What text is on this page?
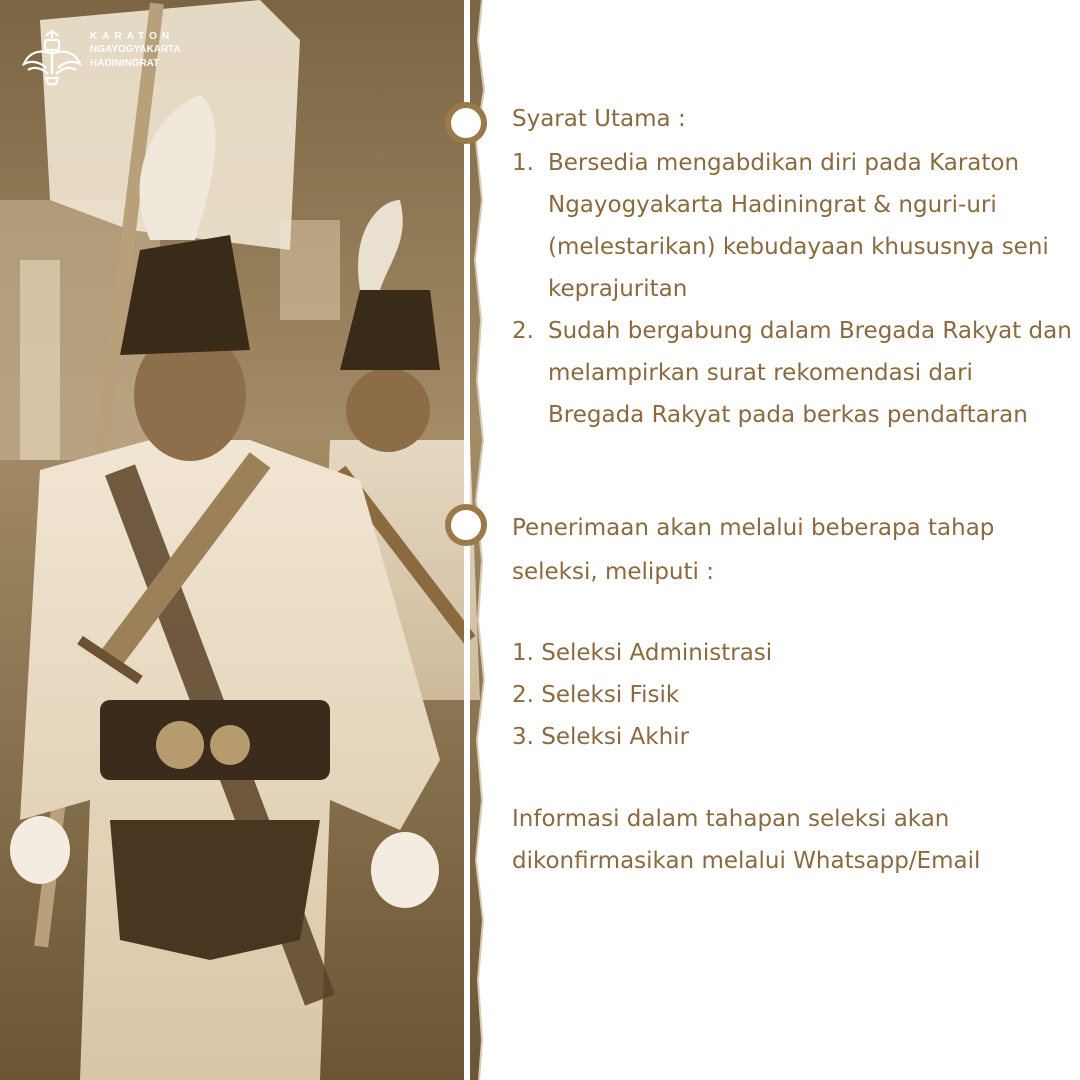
KARATON
NGAYOGYAKARTA
HADININGRAT
Syarat Utama :
1. Bersedia mengabdikan diri pada Karaton Ngayogyakarta Hadiningrat & nguri-uri (melestarikan) kebudayaan khususnya seni keprajuritan
2. Sudah bergabung dalam Bregada Rakyat dan melampirkan surat rekomendasi dari Bregada Rakyat pada berkas pendaftaran
Penerimaan akan melalui beberapa tahap seleksi, meliputi :
1. Seleksi Administrasi
2. Seleksi Fisik
3. Seleksi Akhir
Informasi dalam tahapan seleksi akan dikonfirmasikan melalui Whatsapp/Email
